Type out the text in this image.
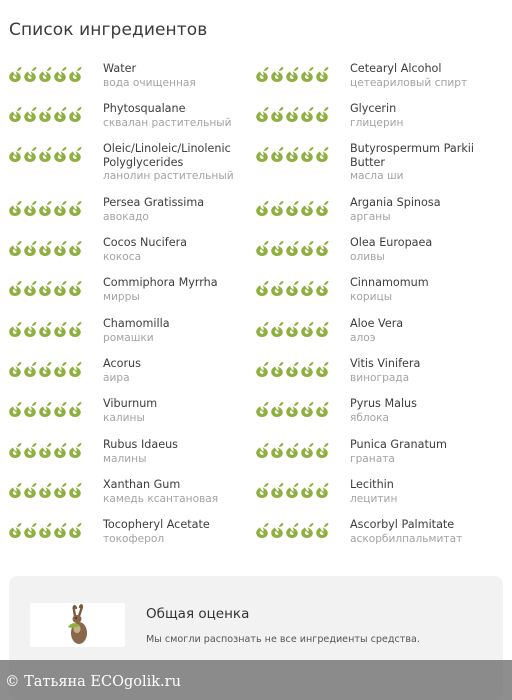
Список ингредиентов
Water
вода очищенная
Cetearyl Alcohol
цетеариловый спирт
Phytosqualane
сквалан растительный
Glycerin
глицерин
Oleic/Linoleic/Linolenic Polyglycerides
ланолин растительный
Butyrospermum Parkii Butter
масла ши
Persea Gratissima
авокадо
Argania Spinosa
арганы
Cocos Nucifera
кокоса
Olea Europaea
оливы
Commiphora Myrrha
мирры
Cinnamomum
корицы
Chamomilla
ромашки
Aloe Vera
алоэ
Acorus
аира
Vitis Vinifera
винограда
Viburnum
калины
Pyrus Malus
яблока
Rubus Idaeus
малины
Punica Granatum
граната
Xanthan Gum
камедь ксантановая
Lecithin
лецитин
Tocopheryl Acetate
токоферол
Ascorbyl Palmitate
аскорбилпальмитат
Общая оценка
Мы смогли распознать не все ингредиенты средства.
© Татьяна ECOgolik.ru
